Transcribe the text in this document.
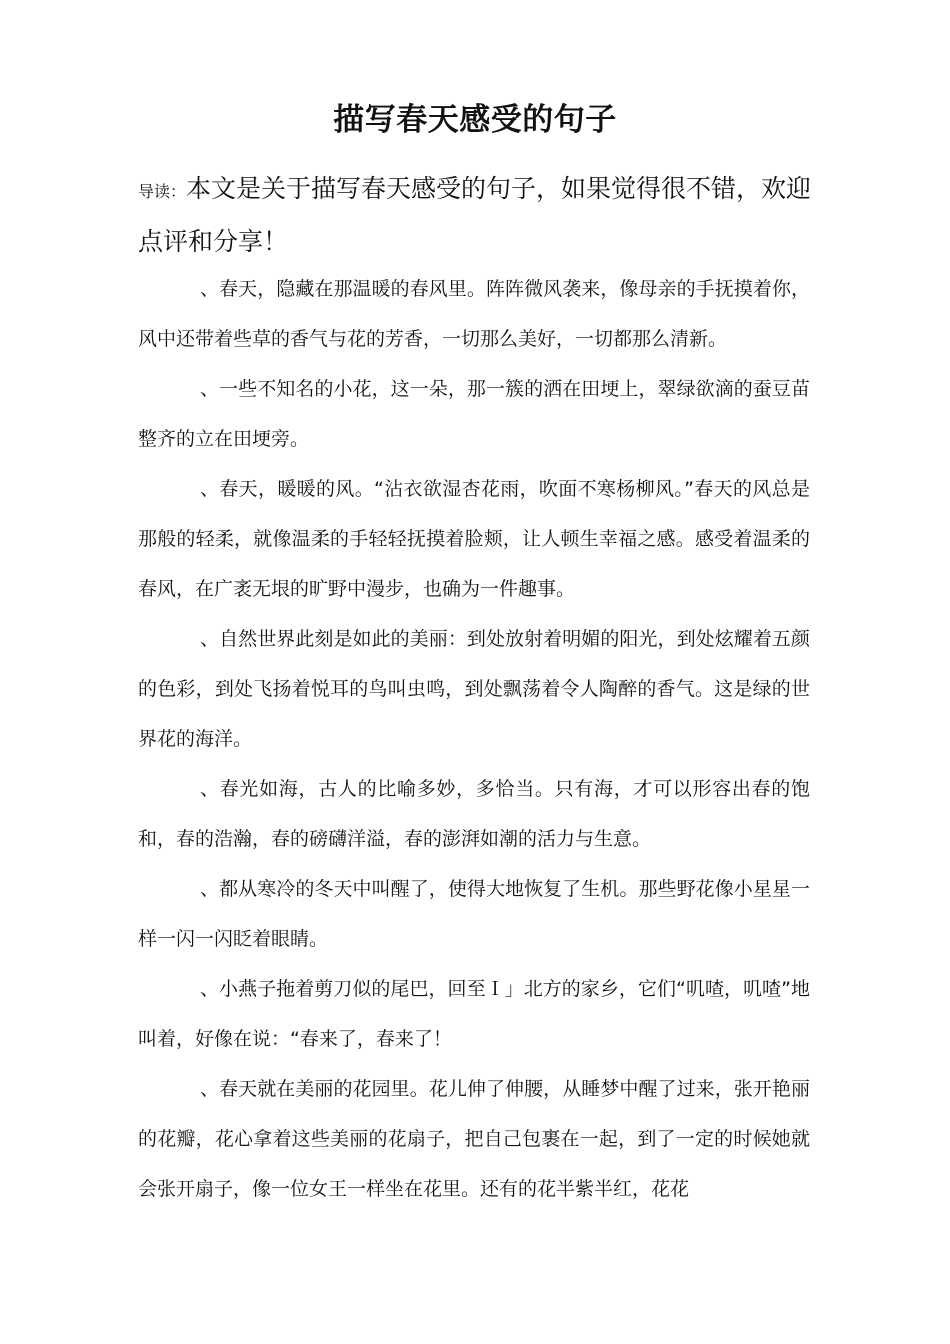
描写春天感受的句子
导读：本文是关于描写春天感受的句子，如果觉得很不错，欢迎点评和分享！

、春天，隐藏在那温暖的春风里。阵阵微风袭来，像母亲的手抚摸着你，风中还带着些草的香气与花的芳香，一切那么美好，一切都那么清新。

、一些不知名的小花，这一朵，那一簇的洒在田埂上，翠绿欲滴的蚕豆苗整齐的立在田埂旁。

、春天，暖暖的风。“沾衣欲湿杏花雨，吹面不寒杨柳风。”春天的风总是那般的轻柔，就像温柔的手轻轻抚摸着脸颊，让人顿生幸福之感。感受着温柔的春风，在广袤无垠的旷野中漫步，也确为一件趣事。

、自然世界此刻是如此的美丽：到处放射着明媚的阳光，到处炫耀着五颜的色彩，到处飞扬着悦耳的鸟叫虫鸣，到处飘荡着令人陶醉的香气。这是绿的世界花的海洋。

、春光如海，古人的比喻多妙，多恰当。只有海，才可以形容出春的饱和，春的浩瀚，春的磅礴洋溢，春的澎湃如潮的活力与生意。

、都从寒冷的冬天中叫醒了，使得大地恢复了生机。那些野花像小星星一样一闪一闪眨着眼睛。

、小燕子拖着剪刀似的尾巴，回至Ｉ」北方的家乡，它们“叽喳，叽喳”地叫着，好像在说：“春来了，春来了！

、春天就在美丽的花园里。花儿伸了伸腰，从睡梦中醒了过来，张开艳丽的花瓣，花心拿着这些美丽的花扇子，把自己包裹在一起，到了一定的时候她就会张开扇子，像一位女王一样坐在花里。还有的花半紫半红，花花
